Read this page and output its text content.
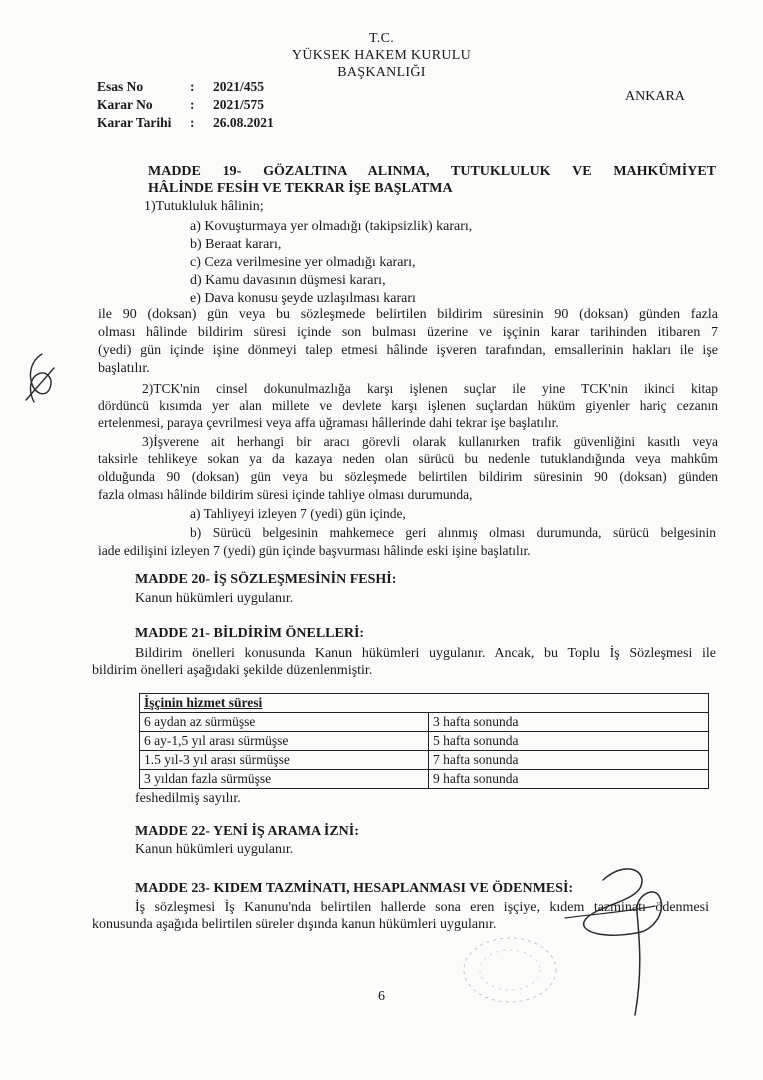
T.C.
YÜKSEK HAKEM KURULU
BAŞKANLIĞI
Esas No	: 2021/455
Karar No	: 2021/575
Karar Tarihi : 26.08.2021
ANKARA
MADDE 19- GÖZALTINA ALINMA, TUTUKLULUK VE MAHKÛMİYET
HÂLİNDE FESİH VE TEKRAR İŞE BAŞLATMA
1)Tutukluluk hâlinin;
a) Kovuşturmaya yer olmadığı (takipsizlik) kararı,
b) Beraat kararı,
c) Ceza verilmesine yer olmadığı kararı,
d) Kamu davasının düşmesi kararı,
e) Dava konusu şeyde uzlaşılması kararı
ile 90 (doksan) gün veya bu sözleşmede belirtilen bildirim süresinin 90 (doksan) günden fazla
olması hâlinde bildirim süresi içinde son bulması üzerine ve işçinin karar tarihinden itibaren 7
(yedi) gün içinde işine dönmeyi talep etmesi hâlinde işveren tarafından, emsallerinin hakları ile işe
başlatılır.
2)TCK'nin cinsel dokunulmazlığa karşı işlenen suçlar ile yine TCK'nin ikinci kitap
dördüncü kısımda yer alan millete ve devlete karşı işlenen suçlardan hüküm giyenler hariç cezanın
ertelenmesi, paraya çevrilmesi veya affa uğraması hâllerinde dahi tekrar işe başlatılır.
3)İşverene ait herhangi bir aracı görevli olarak kullanırken trafik güvenliğini kasıtlı veya
taksirle tehlikeye sokan ya da kazaya neden olan sürücü bu nedenle tutuklandığında veya mahkûm
olduğunda 90 (doksan) gün veya bu sözleşmede belirtilen bildirim süresinin 90 (doksan) günden
fazla olması hâlinde bildirim süresi içinde tahliye olması durumunda,
a) Tahliyeyi izleyen 7 (yedi) gün içinde,
b) Sürücü belgesinin mahkemece geri alınmış olması durumunda, sürücü belgesinin
iade edilişini izleyen 7 (yedi) gün içinde başvurması hâlinde eski işine başlatılır.
MADDE 20- İŞ SÖZLEŞMESİNİN FESHİ:
Kanun hükümleri uygulanır.
MADDE 21- BİLDİRİM ÖNELLERİ:
Bildirim önelleri konusunda Kanun hükümleri uygulanır. Ancak, bu Toplu İş Sözleşmesi ile
bildirim önelleri aşağıdaki şekilde düzenlenmiştir.
İşçinin hizmet süresi	
6 aydan az sürmüşse	3 hafta sonunda
6 ay-1,5 yıl arası sürmüşse	5 hafta sonunda
1.5 yıl-3 yıl arası sürmüşse	7 hafta sonunda
3 yıldan fazla sürmüşse	9 hafta sonunda
feshedilmiş sayılır.
MADDE 22- YENİ İŞ ARAMA İZNİ:
Kanun hükümleri uygulanır.
MADDE 23- KIDEM TAZMİNATI, HESAPLANMASI VE ÖDENMESİ:
İş sözleşmesi İş Kanunu'nda belirtilen hallerde sona eren işçiye, kıdem tazminatı ödenmesi
konusunda aşağıda belirtilen süreler dışında kanun hükümleri uygulanır.
6
